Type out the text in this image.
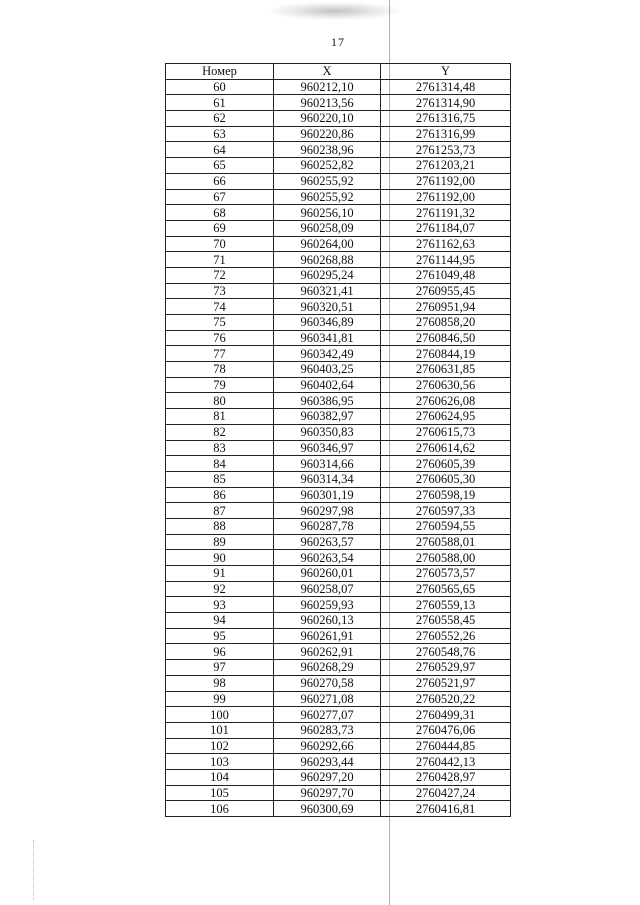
17
Номер	X	Y
60	960212,10	2761314,48
61	960213,56	2761314,90
62	960220,10	2761316,75
63	960220,86	2761316,99
64	960238,96	2761253,73
65	960252,82	2761203,21
66	960255,92	2761192,00
67	960255,92	2761192,00
68	960256,10	2761191,32
69	960258,09	2761184,07
70	960264,00	2761162,63
71	960268,88	2761144,95
72	960295,24	2761049,48
73	960321,41	2760955,45
74	960320,51	2760951,94
75	960346,89	2760858,20
76	960341,81	2760846,50
77	960342,49	2760844,19
78	960403,25	2760631,85
79	960402,64	2760630,56
80	960386,95	2760626,08
81	960382,97	2760624,95
82	960350,83	2760615,73
83	960346,97	2760614,62
84	960314,66	2760605,39
85	960314,34	2760605,30
86	960301,19	2760598,19
87	960297,98	2760597,33
88	960287,78	2760594,55
89	960263,57	2760588,01
90	960263,54	2760588,00
91	960260,01	2760573,57
92	960258,07	2760565,65
93	960259,93	2760559,13
94	960260,13	2760558,45
95	960261,91	2760552,26
96	960262,91	2760548,76
97	960268,29	2760529,97
98	960270,58	2760521,97
99	960271,08	2760520,22
100	960277,07	2760499,31
101	960283,73	2760476,06
102	960292,66	2760444,85
103	960293,44	2760442,13
104	960297,20	2760428,97
105	960297,70	2760427,24
106	960300,69	2760416,81
